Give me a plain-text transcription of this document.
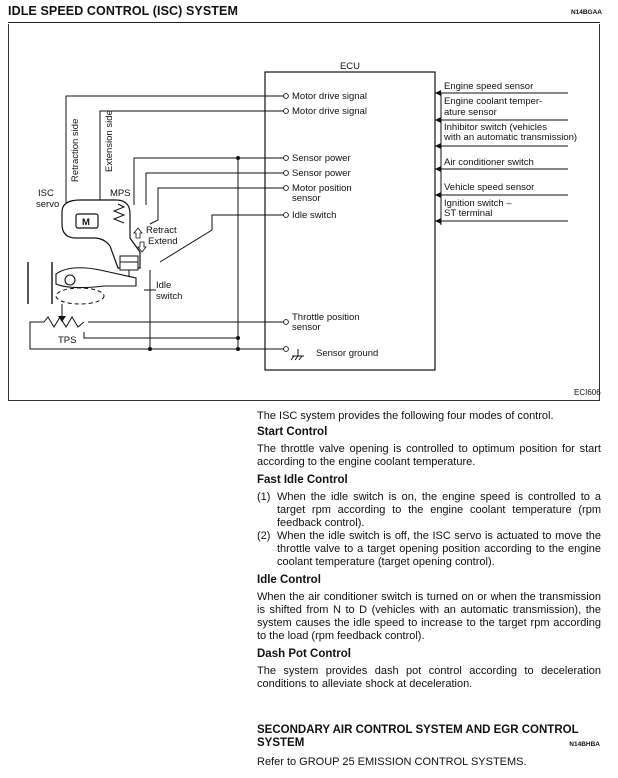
IDLE SPEED CONTROL (ISC) SYSTEM	N14BGAA
ECU
Motor drive signal
Motor drive signal
Sensor power
Sensor power
Motor position
sensor
Idle switch
Throttle position
sensor
Sensor ground
Engine speed sensor
Engine coolant temper-
ature sensor
Inhibitor switch (vehicles
with an automatic transmission)
Air conditioner switch
Vehicle speed sensor
Ignition switch –
ST terminal
Retraction side Extension side
ISC
servo
MPS
M
Retract
Extend
Idle
switch
TPS
ECI606

The ISC system provides the following four modes of control.

Start Control

The throttle valve opening is controlled to optimum position for start according to the engine coolant temperature.

Fast Idle Control

(1) When the idle switch is on, the engine speed is controlled to a target rpm according to the engine coolant temperature (rpm feedback control).
(2) When the idle switch is off, the ISC servo is actuated to move the throttle valve to a target opening position according to the engine coolant temperature (target opening control).

Idle Control

When the air conditioner switch is turned on or when the transmission is shifted from N to D (vehicles with an automatic transmission), the system causes the idle speed to increase to the target rpm according to the load (rpm feedback control).

Dash Pot Control

The system provides dash pot control according to deceleration conditions to alleviate shock at deceleration.

SECONDARY AIR CONTROL SYSTEM AND EGR CONTROL SYSTEM	N14BHBA
Refer to GROUP 25 EMISSION CONTROL SYSTEMS.
